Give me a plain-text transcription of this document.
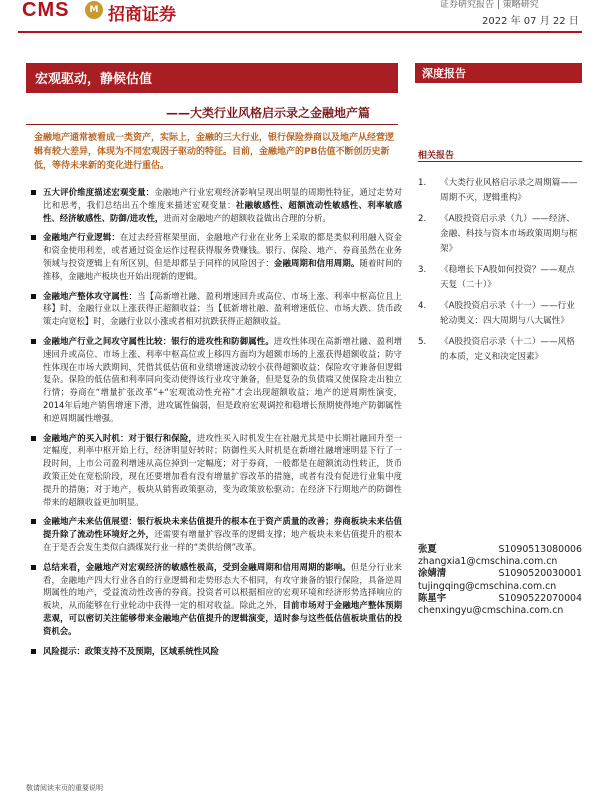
CMS	M 招商证券	证券研究报告 | 策略研究
2022 年 07 月 22 日
宏观驱动，静候估值
——大类行业风格启示录之金融地产篇
金融地产通常被看成一类资产，实际上，金融的三大行业，银行保险券商以及地产从经营逻辑有较大差异，体现为不同宏观因子驱动的特征。目前，金融地产的PB估值不断创历史新低，等待未来新的变化进行重估。
五大评价维度描述宏观变量：金融地产行业宏观经济影响呈现出明显的周期性特征，通过走势对比和思考，我们总结出五个维度来描述宏观变量：社融敏感性、超额流动性敏感性、利率敏感性、经济敏感性、防御/进攻性，进而对金融地产的超额收益做出合理的分析。
金融地产行业逻辑：在过去经营框架里面，金融地产行业在业务上采取的都是类似利用融入资金和资金使用利差，或者通过资金运作过程获得服务费赚钱。银行、保险、地产、券商虽然在业务领域与投资逻辑上有所区别，但是却都呈于同样的风险因子：金融周期和信用周期。随着时间的推移，金融地产板块也开始出现新的逻辑。
金融地产整体攻守属性：当【高新增社融、盈利增速回升或高位、市场上涨、利率中枢高位且上移】时，金融行业以上涨获得正超额收益；当【低新增社融、盈利增速低位、市场大跌、货币政策走向宽松】时，金融行业以小涨或者相对抗跌获得正超额收益。
金融地产行业之间攻守属性比较：银行的进攻性和防御属性。进攻性体现在高新增社融、盈利增速回升或高位、市场上涨、利率中枢高位或上移四方面均为超额市场的上涨获得超额收益；防守性体现在市场大跌期间，凭借其低估值和业绩增速波动较小获得超额收益；保险攻守兼备但逻辑复杂。保险的低估值和利率同向变动使得该行业攻守兼备，但是复杂的负债端又使保险走出独立行情；券商在“增量扩张改革”+“宏观流动性充裕”才会出现超额收益；地产的逆周期性演变，2014年后地产销售增速下滑，进攻属性偏弱，但是政府宏观调控和稳增长预期使得地产防御属性和逆周期属性增强。
金融地产的买入时机：对于银行和保险，进攻性买入时机发生在社融尤其是中长期社融回升至一定幅度，利率中枢开始上行，经济明显好转时；防御性买入时机是在新增社融增速明显下行了一段时间，上市公司盈利增速从高位掉到一定幅度；对于券商，一般都是在超额流动性转正，货币政策正处在宽松阶段，现在还要增加看有没有增量扩容改革的措施，或者有没有促进行业集中度提升的措施；对于地产，板块从销售政策驱动，变为政策放松驱动；在经济下行期地产的防御性带来的超额收益更加明显。
金融地产未来估值展望：银行板块未来估值提升的根本在于资产质量的改善；券商板块未来估值提升除了流动性环境好之外，还需要有增量扩容改革的逻辑支撑；地产板块未来估值提升的根本在于是否会发生类似白酒煤炭行业一样的“类供给侧”改革。
总结来看，金融地产对宏观经济的敏感性极高，受到金融周期和信用周期的影响。但是分行业来看，金融地产四大行业各自的行业逻辑和走势形态大不相同，有攻守兼备的银行保险，具备逆周期属性的地产，受益流动性改善的券商。投资者可以根据相应的宏观环境和经济形势选择响应的板块，从而能够在行业轮动中获得一定的相对收益。除此之外，目前市场对于金融地产整体预期悲观，可以密切关注能够带来金融地产估值提升的逻辑演变，适时参与这些低估值板块重估的投资机会。
风险提示：政策支持不及预期，区域系统性风险
深度报告
相关报告
1. 《大类行业风格启示录之周期篇——周期不灭，逻辑重构》
2. 《A股投资启示录（九）——经济、金融、科技与资本市场政策周期与框架》
3. 《稳增长下A股如何投资？——观点天复（二十）》
4. 《A股投资启示录（十一）——行业轮动奥义：四大周期与八大属性》
5. 《A股投资启示录（十二）——风格的本质，定义和决定因素》
张夏	S1090513080006
zhangxia1@cmschina.com.cn
涂婧清	S1090520030001
tujingqing@cmschina.com.cn
陈星宇	S1090522070004
chenxingyu@cmschina.com.cn
敬请阅读末页的重要说明
